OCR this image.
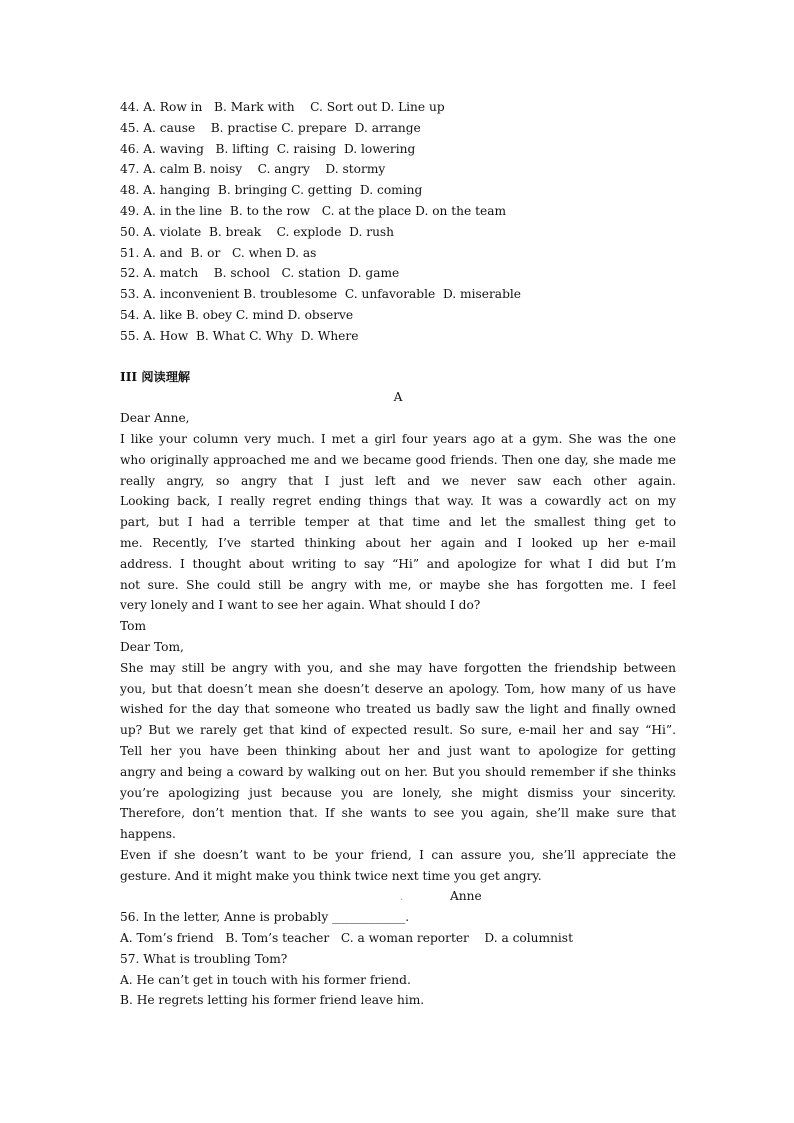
44. A. Row in   B. Mark with    C. Sort out D. Line up
45. A. cause    B. practise C. prepare  D. arrange
46. A. waving   B. lifting  C. raising  D. lowering
47. A. calm B. noisy    C. angry    D. stormy
48. A. hanging  B. bringing C. getting  D. coming
49. A. in the line  B. to the row   C. at the place D. on the team
50. A. violate  B. break    C. explode  D. rush
51. A. and  B. or   C. when D. as
52. A. match    B. school   C. station  D. game
53. A. inconvenient B. troublesome  C. unfavorable  D. miserable
54. A. like B. obey C. mind D. observe
55. A. How  B. What C. Why  D. Where
III 阅读理解
A
Dear Anne,
I like your column very much. I met a girl four years ago at a gym. She was the one
who originally approached me and we became good friends. Then one day, she made me
really angry, so angry that I just left and we never saw each other again.
Looking back, I really regret ending things that way. It was a cowardly act on my
part, but I had a terrible temper at that time and let the smallest thing get to
me. Recently, I’ve started thinking about her again and I looked up her e-mail
address. I thought about writing to say “Hi” and apologize for what I did but I’m
not sure. She could still be angry with me, or maybe she has forgotten me. I feel
very lonely and I want to see her again. What should I do?
Tom
Dear Tom,
She may still be angry with you, and she may have forgotten the friendship between
you, but that doesn’t mean she doesn’t deserve an apology. Tom, how many of us have
wished for the day that someone who treated us badly saw the light and finally owned
up? But we rarely get that kind of expected result. So sure, e-mail her and say “Hi”.
Tell her you have been thinking about her and just want to apologize for getting
angry and being a coward by walking out on her. But you should remember if she thinks
you’re apologizing just because you are lonely, she might dismiss your sincerity.
Therefore, don’t mention that. If she wants to see you again, she’ll make sure that
happens.
Even if she doesn’t want to be your friend, I can assure you, she’ll appreciate the
gesture. And it might make you think twice next time you get angry.
.	Anne
56. In the letter, Anne is probably ____________.
A. Tom’s friend   B. Tom’s teacher   C. a woman reporter    D. a columnist
57. What is troubling Tom?
A. He can’t get in touch with his former friend.
B. He regrets letting his former friend leave him.
